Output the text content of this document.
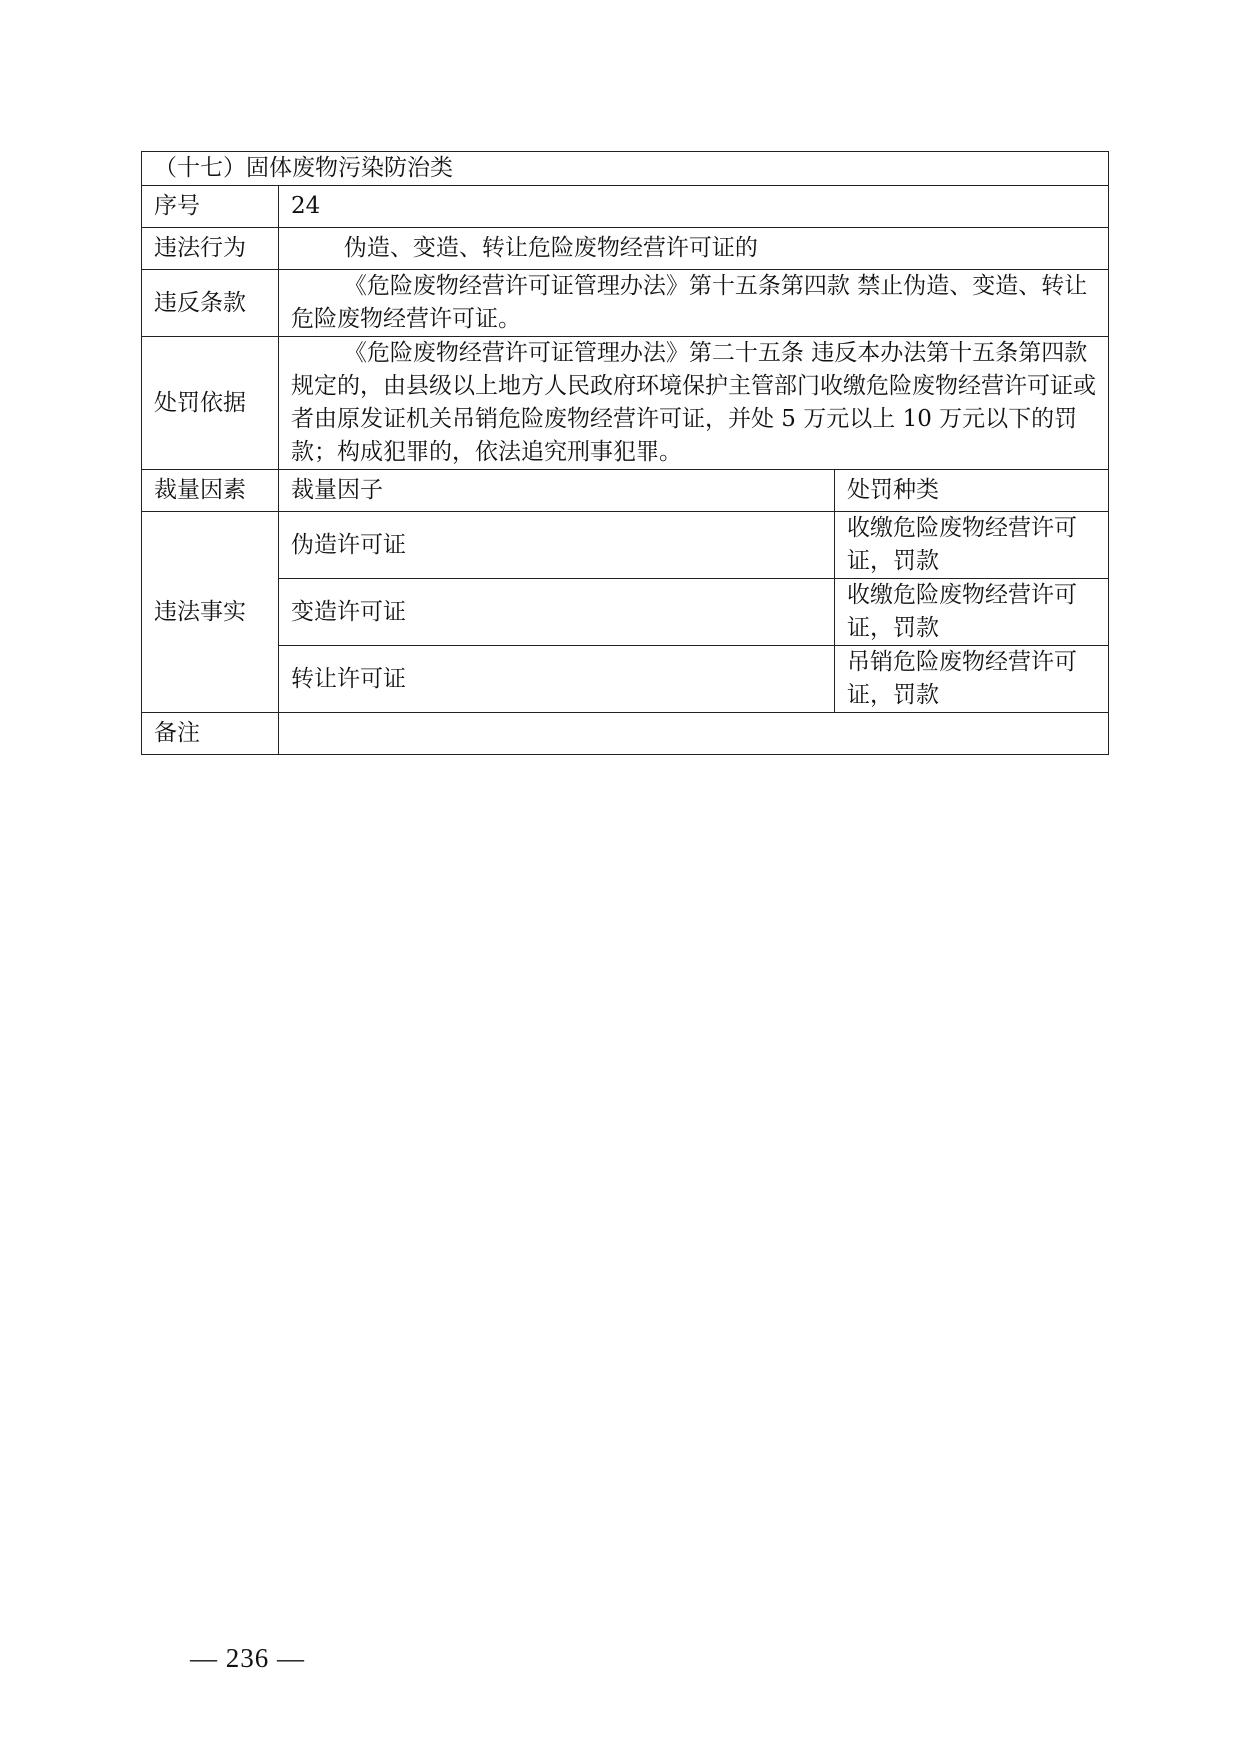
（十七）固体废物污染防治类		
序号	24	
违法行为	伪造、变造、转让危险废物经营许可证的	
违反条款	《危险废物经营许可证管理办法》第十五条第四款 禁止伪造、变造、转让危险废物经营许可证。	
处罚依据	《危险废物经营许可证管理办法》第二十五条 违反本办法第十五条第四款规定的，由县级以上地方人民政府环境保护主管部门收缴危险废物经营许可证或者由原发证机关吊销危险废物经营许可证，并处 5 万元以上 10 万元以下的罚款；构成犯罪的，依法追究刑事犯罪。	
裁量因素	裁量因子	处罚种类
违法事实	伪造许可证	收缴危险废物经营许可证，罚款
	变造许可证	收缴危险废物经营许可证，罚款
	转让许可证	吊销危险废物经营许可证，罚款
备注		
— 236 —
